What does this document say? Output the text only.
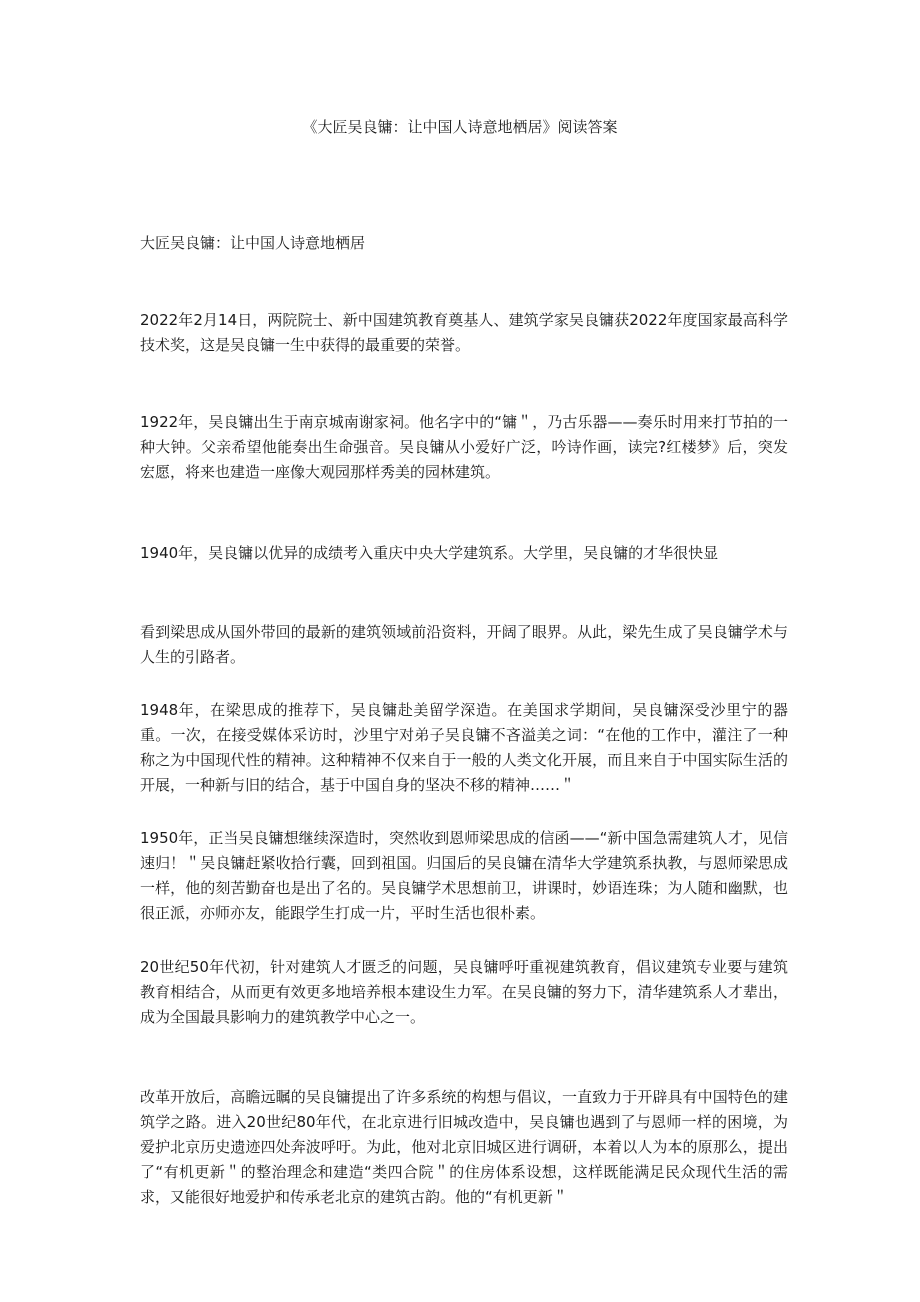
《大匠吴良镛：让中国人诗意地栖居》阅读答案

大匠吴良镛：让中国人诗意地栖居

2022年2月14日，两院院士、新中国建筑教育奠基人、建筑学家吴良镛获2022年度国家最高科学技术奖，这是吴良镛一生中获得的最重要的荣誉。

1922年，吴良镛出生于南京城南谢家祠。他名字中的“镛＂，乃古乐器——奏乐时用来打节拍的一种大钟。父亲希望他能奏出生命强音。吴良镛从小爱好广泛，吟诗作画，读完?红楼梦》后，突发宏愿，将来也建造一座像大观园那样秀美的园林建筑。

1940年，吴良镛以优异的成绩考入重庆中央大学建筑系。大学里，吴良镛的才华很快显

看到梁思成从国外带回的最新的建筑领域前沿资料，开阔了眼界。从此，梁先生成了吴良镛学术与人生的引路者。

1948年，在梁思成的推荐下，吴良镛赴美留学深造。在美国求学期间，吴良镛深受沙里宁的器重。一次，在接受媒体采访时，沙里宁对弟子吴良镛不吝溢美之词：“在他的工作中，灌注了一种称之为中国现代性的精神。这种精神不仅来自于一般的人类文化开展，而且来自于中国实际生活的开展，一种新与旧的结合，基于中国自身的坚决不移的精神……＂

1950年，正当吴良镛想继续深造时，突然收到恩师梁思成的信函——“新中国急需建筑人才，见信速归！＂吴良镛赶紧收拾行囊，回到祖国。归国后的吴良镛在清华大学建筑系执教，与恩师梁思成一样，他的刻苦勤奋也是出了名的。吴良镛学术思想前卫，讲课时，妙语连珠；为人随和幽默，也很正派，亦师亦友，能跟学生打成一片，平时生活也很朴素。

20世纪50年代初，针对建筑人才匮乏的问题，吴良镛呼吁重视建筑教育，倡议建筑专业要与建筑教育相结合，从而更有效更多地培养根本建设生力军。在吴良镛的努力下，清华建筑系人才辈出，成为全国最具影响力的建筑教学中心之一。

改革开放后，高瞻远瞩的吴良镛提出了许多系统的构想与倡议，一直致力于开辟具有中国特色的建筑学之路。进入20世纪80年代，在北京进行旧城改造中，吴良镛也遇到了与恩师一样的困境，为爱护北京历史遗迹四处奔波呼吁。为此，他对北京旧城区进行调研，本着以人为本的原那么，提出了“有机更新＂的整治理念和建造“类四合院＂的住房体系设想，这样既能满足民众现代生活的需求，又能很好地爱护和传承老北京的建筑古韵。他的“有机更新＂
